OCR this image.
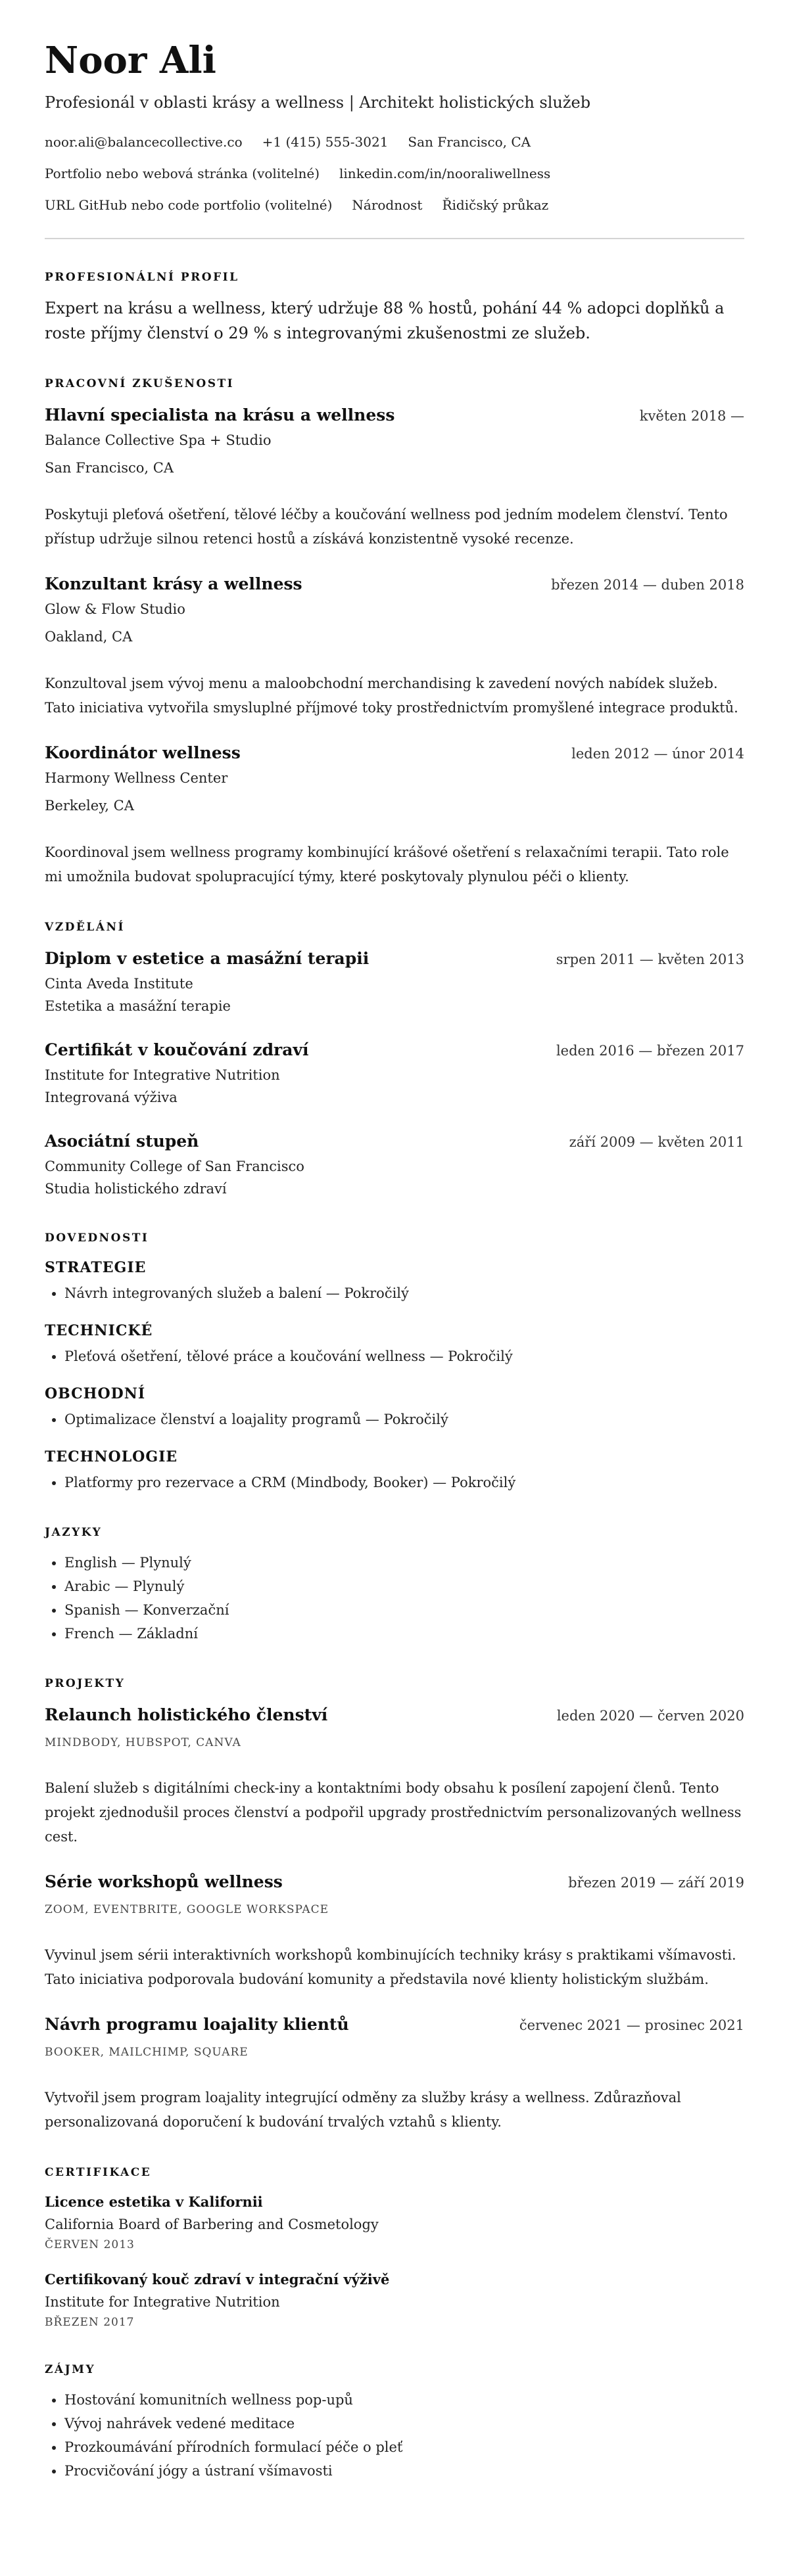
Noor Ali
Profesionál v oblasti krásy a wellness | Architekt holistických služeb
noor.ali@balancecollective.co +1 (415) 555-3021 San Francisco, CA
Portfolio nebo webová stránka (volitelné) linkedin.com/in/nooraliwellness
URL GitHub nebo code portfolio (volitelné) Národnost Řidičský průkaz
PROFESIONÁLNÍ PROFIL

Expert na krásu a wellness, který udržuje 88 % hostů, pohání 44 % adopci doplňků a roste příjmy členství o 29 % s integrovanými zkušenostmi ze služeb.

PRACOVNÍ ZKUŠENOSTI
Hlavní specialista na krásu a wellness	květen 2018 —
Balance Collective Spa + Studio
San Francisco, CA
Poskytuji pleťová ošetření, tělové léčby a koučování wellness pod jedním modelem členství. Tento přístup udržuje silnou retenci hostů a získává konzistentně vysoké recenze.
Konzultant krásy a wellness	březen 2014 — duben 2018
Glow & Flow Studio
Oakland, CA
Konzultoval jsem vývoj menu a maloobchodní merchandising k zavedení nových nabídek služeb. Tato iniciativa vytvořila smysluplné příjmové toky prostřednictvím promyšlené integrace produktů.
Koordinátor wellness	leden 2012 — únor 2014
Harmony Wellness Center
Berkeley, CA
Koordinoval jsem wellness programy kombinující krášové ošetření s relaxačními terapii. Tato role mi umožnila budovat spolupracující týmy, které poskytovaly plynulou péči o klienty.
VZDĚLÁNÍ
Diplom v estetice a masážní terapii	srpen 2011 — květen 2013
Cinta Aveda Institute
Estetika a masážní terapie
Certifikát v koučování zdraví	leden 2016 — březen 2017
Institute for Integrative Nutrition
Integrovaná výživa
Asociátní stupeň	září 2009 — květen 2011
Community College of San Francisco
Studia holistického zdraví
DOVEDNOSTI
STRATEGIE
• Návrh integrovaných služeb a balení — Pokročilý
TECHNICKÉ
• Pleťová ošetření, tělové práce a koučování wellness — Pokročilý
OBCHODNÍ
• Optimalizace členství a loajality programů — Pokročilý
TECHNOLOGIE
• Platformy pro rezervace a CRM (Mindbody, Booker) — Pokročilý
JAZYKY
• English — Plynulý
• Arabic — Plynulý
• Spanish — Konverzační
• French — Základní
PROJEKTY
Relaunch holistického členství	leden 2020 — červen 2020
MINDBODY, HUBSPOT, CANVA
Balení služeb s digitálními check-iny a kontaktními body obsahu k posílení zapojení členů. Tento projekt zjednodušil proces členství a podpořil upgrady prostřednictvím personalizovaných wellness cest.
Série workshopů wellness	březen 2019 — září 2019
ZOOM, EVENTBRITE, GOOGLE WORKSPACE
Vyvinul jsem sérii interaktivních workshopů kombinujících techniky krásy s praktikami všímavosti. Tato iniciativa podporovala budování komunity a představila nové klienty holistickým službám.
Návrh programu loajality klientů	červenec 2021 — prosinec 2021
BOOKER, MAILCHIMP, SQUARE
Vytvořil jsem program loajality integrující odměny za služby krásy a wellness. Zdůrazňoval personalizovaná doporučení k budování trvalých vztahů s klienty.
CERTIFIKACE
Licence estetika v Kalifornii
California Board of Barbering and Cosmetology
ČERVEN 2013
Certifikovaný kouč zdraví v integrační výživě
Institute for Integrative Nutrition
BŘEZEN 2017
ZÁJMY
• Hostování komunitních wellness pop-upů
• Vývoj nahrávek vedené meditace
• Prozkoumávání přírodních formulací péče o pleť
• Procvičování jógy a ústraní všímavosti
